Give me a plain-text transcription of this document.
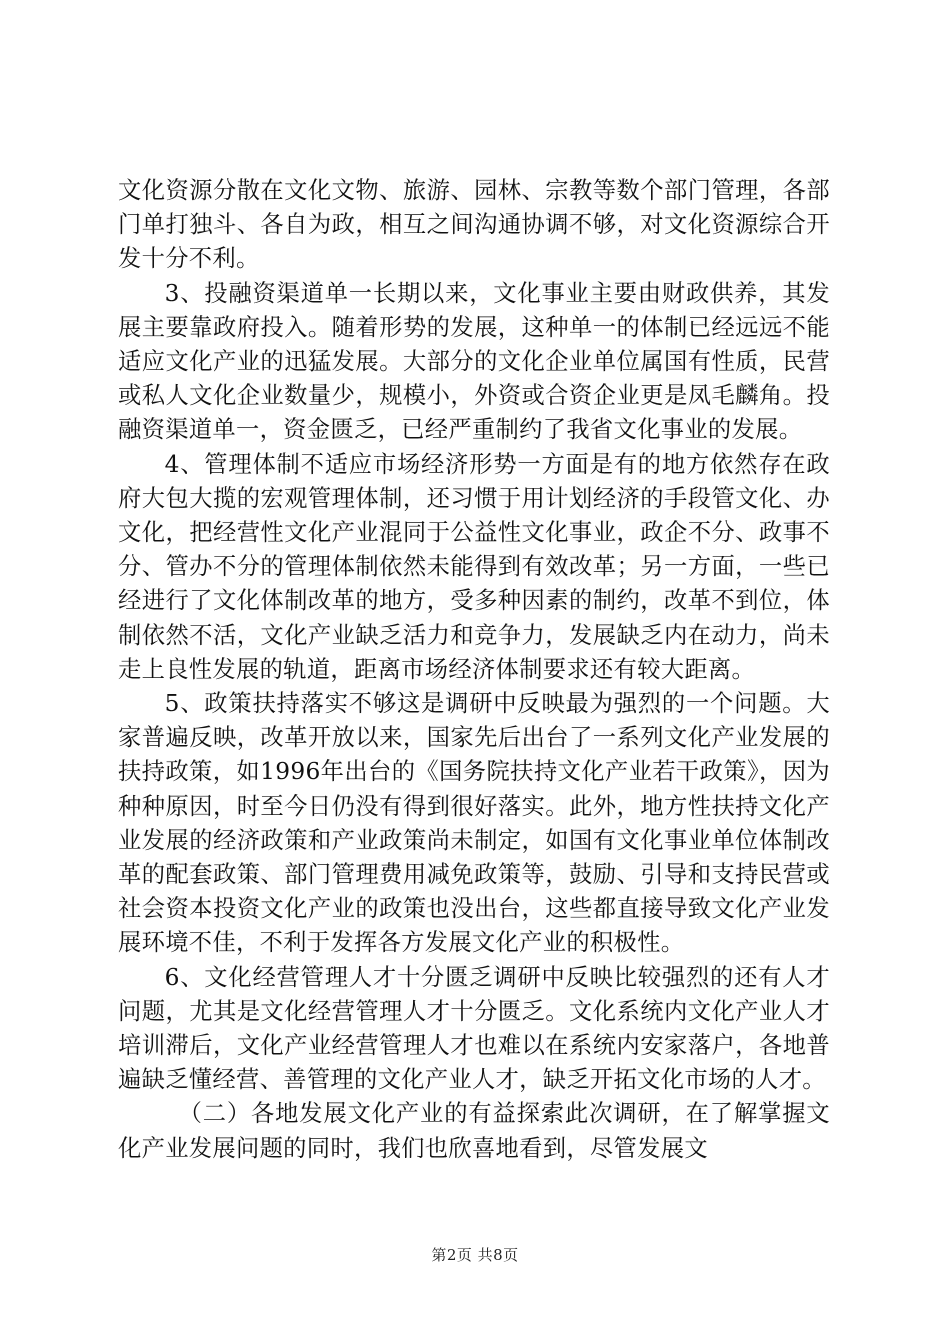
文化资源分散在文化文物、旅游、园林、宗教等数个部门管理，各部门单打独斗、各自为政，相互之间沟通协调不够，对文化资源综合开发十分不利。

3、投融资渠道单一长期以来，文化事业主要由财政供养，其发展主要靠政府投入。随着形势的发展，这种单一的体制已经远远不能适应文化产业的迅猛发展。大部分的文化企业单位属国有性质，民营或私人文化企业数量少，规模小，外资或合资企业更是凤毛麟角。投融资渠道单一，资金匮乏，已经严重制约了我省文化事业的发展。

4、管理体制不适应市场经济形势一方面是有的地方依然存在政府大包大揽的宏观管理体制，还习惯于用计划经济的手段管文化、办文化，把经营性文化产业混同于公益性文化事业，政企不分、政事不分、管办不分的管理体制依然未能得到有效改革；另一方面，一些已经进行了文化体制改革的地方，受多种因素的制约，改革不到位，体制依然不活，文化产业缺乏活力和竞争力，发展缺乏内在动力，尚未走上良性发展的轨道，距离市场经济体制要求还有较大距离。

5、政策扶持落实不够这是调研中反映最为强烈的一个问题。大家普遍反映，改革开放以来，国家先后出台了一系列文化产业发展的扶持政策，如1996年出台的《国务院扶持文化产业若干政策》，因为种种原因，时至今日仍没有得到很好落实。此外，地方性扶持文化产业发展的经济政策和产业政策尚未制定，如国有文化事业单位体制改革的配套政策、部门管理费用减免政策等，鼓励、引导和支持民营或社会资本投资文化产业的政策也没出台，这些都直接导致文化产业发展环境不佳，不利于发挥各方发展文化产业的积极性。

6、文化经营管理人才十分匮乏调研中反映比较强烈的还有人才问题，尤其是文化经营管理人才十分匮乏。文化系统内文化产业人才培训滞后，文化产业经营管理人才也难以在系统内安家落户，各地普遍缺乏懂经营、善管理的文化产业人才，缺乏开拓文化市场的人才。

（二）各地发展文化产业的有益探索此次调研，在了解掌握文化产业发展问题的同时，我们也欣喜地看到，尽管发展文

第2页 共8页
